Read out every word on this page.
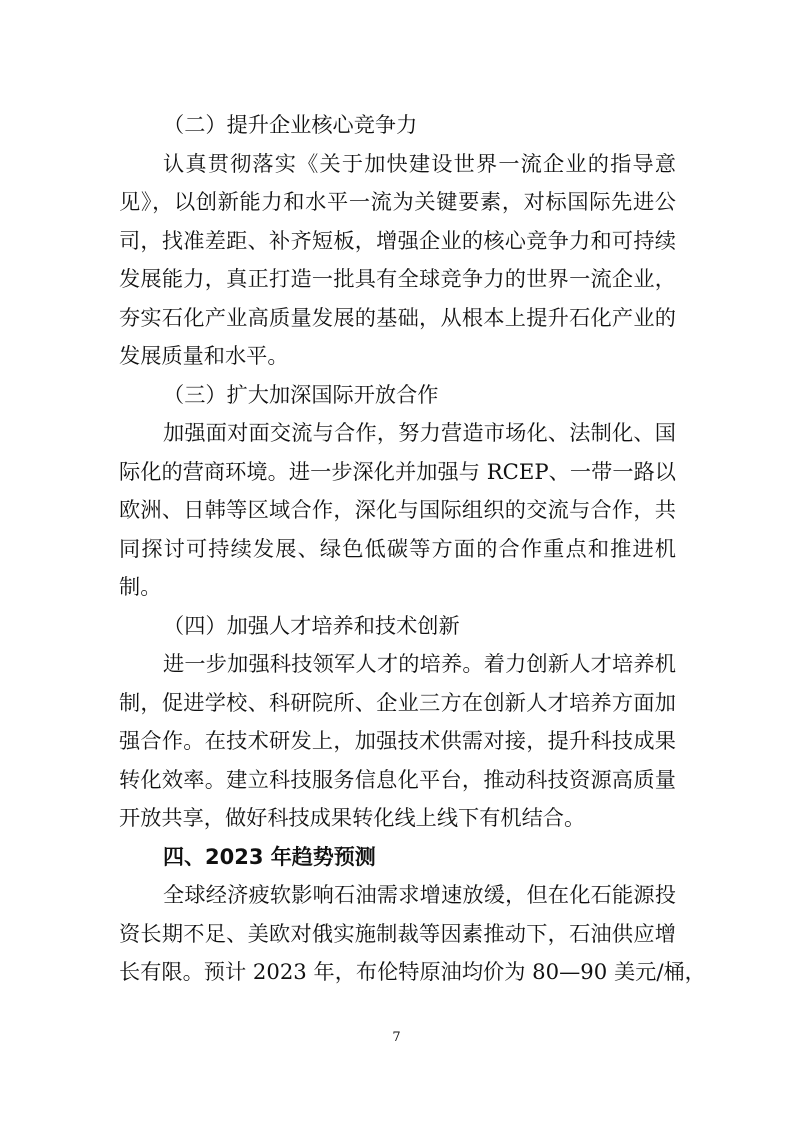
（二）提升企业核心竞争力
认真贯彻落实《关于加快建设世界一流企业的指导意
见》，以创新能力和水平一流为关键要素，对标国际先进公
司，找准差距、补齐短板，增强企业的核心竞争力和可持续
发展能力，真正打造一批具有全球竞争力的世界一流企业，
夯实石化产业高质量发展的基础，从根本上提升石化产业的
发展质量和水平。
（三）扩大加深国际开放合作
加强面对面交流与合作，努力营造市场化、法制化、国
际化的营商环境。进一步深化并加强与 RCEP、一带一路以
欧洲、日韩等区域合作，深化与国际组织的交流与合作，共
同探讨可持续发展、绿色低碳等方面的合作重点和推进机
制。
（四）加强人才培养和技术创新
进一步加强科技领军人才的培养。着力创新人才培养机
制，促进学校、科研院所、企业三方在创新人才培养方面加
强合作。在技术研发上，加强技术供需对接，提升科技成果
转化效率。建立科技服务信息化平台，推动科技资源高质量
开放共享，做好科技成果转化线上线下有机结合。
四、2023 年趋势预测
全球经济疲软影响石油需求增速放缓，但在化石能源投
资长期不足、美欧对俄实施制裁等因素推动下，石油供应增
长有限。预计 2023 年，布伦特原油均价为 80—90 美元/桶，
7
